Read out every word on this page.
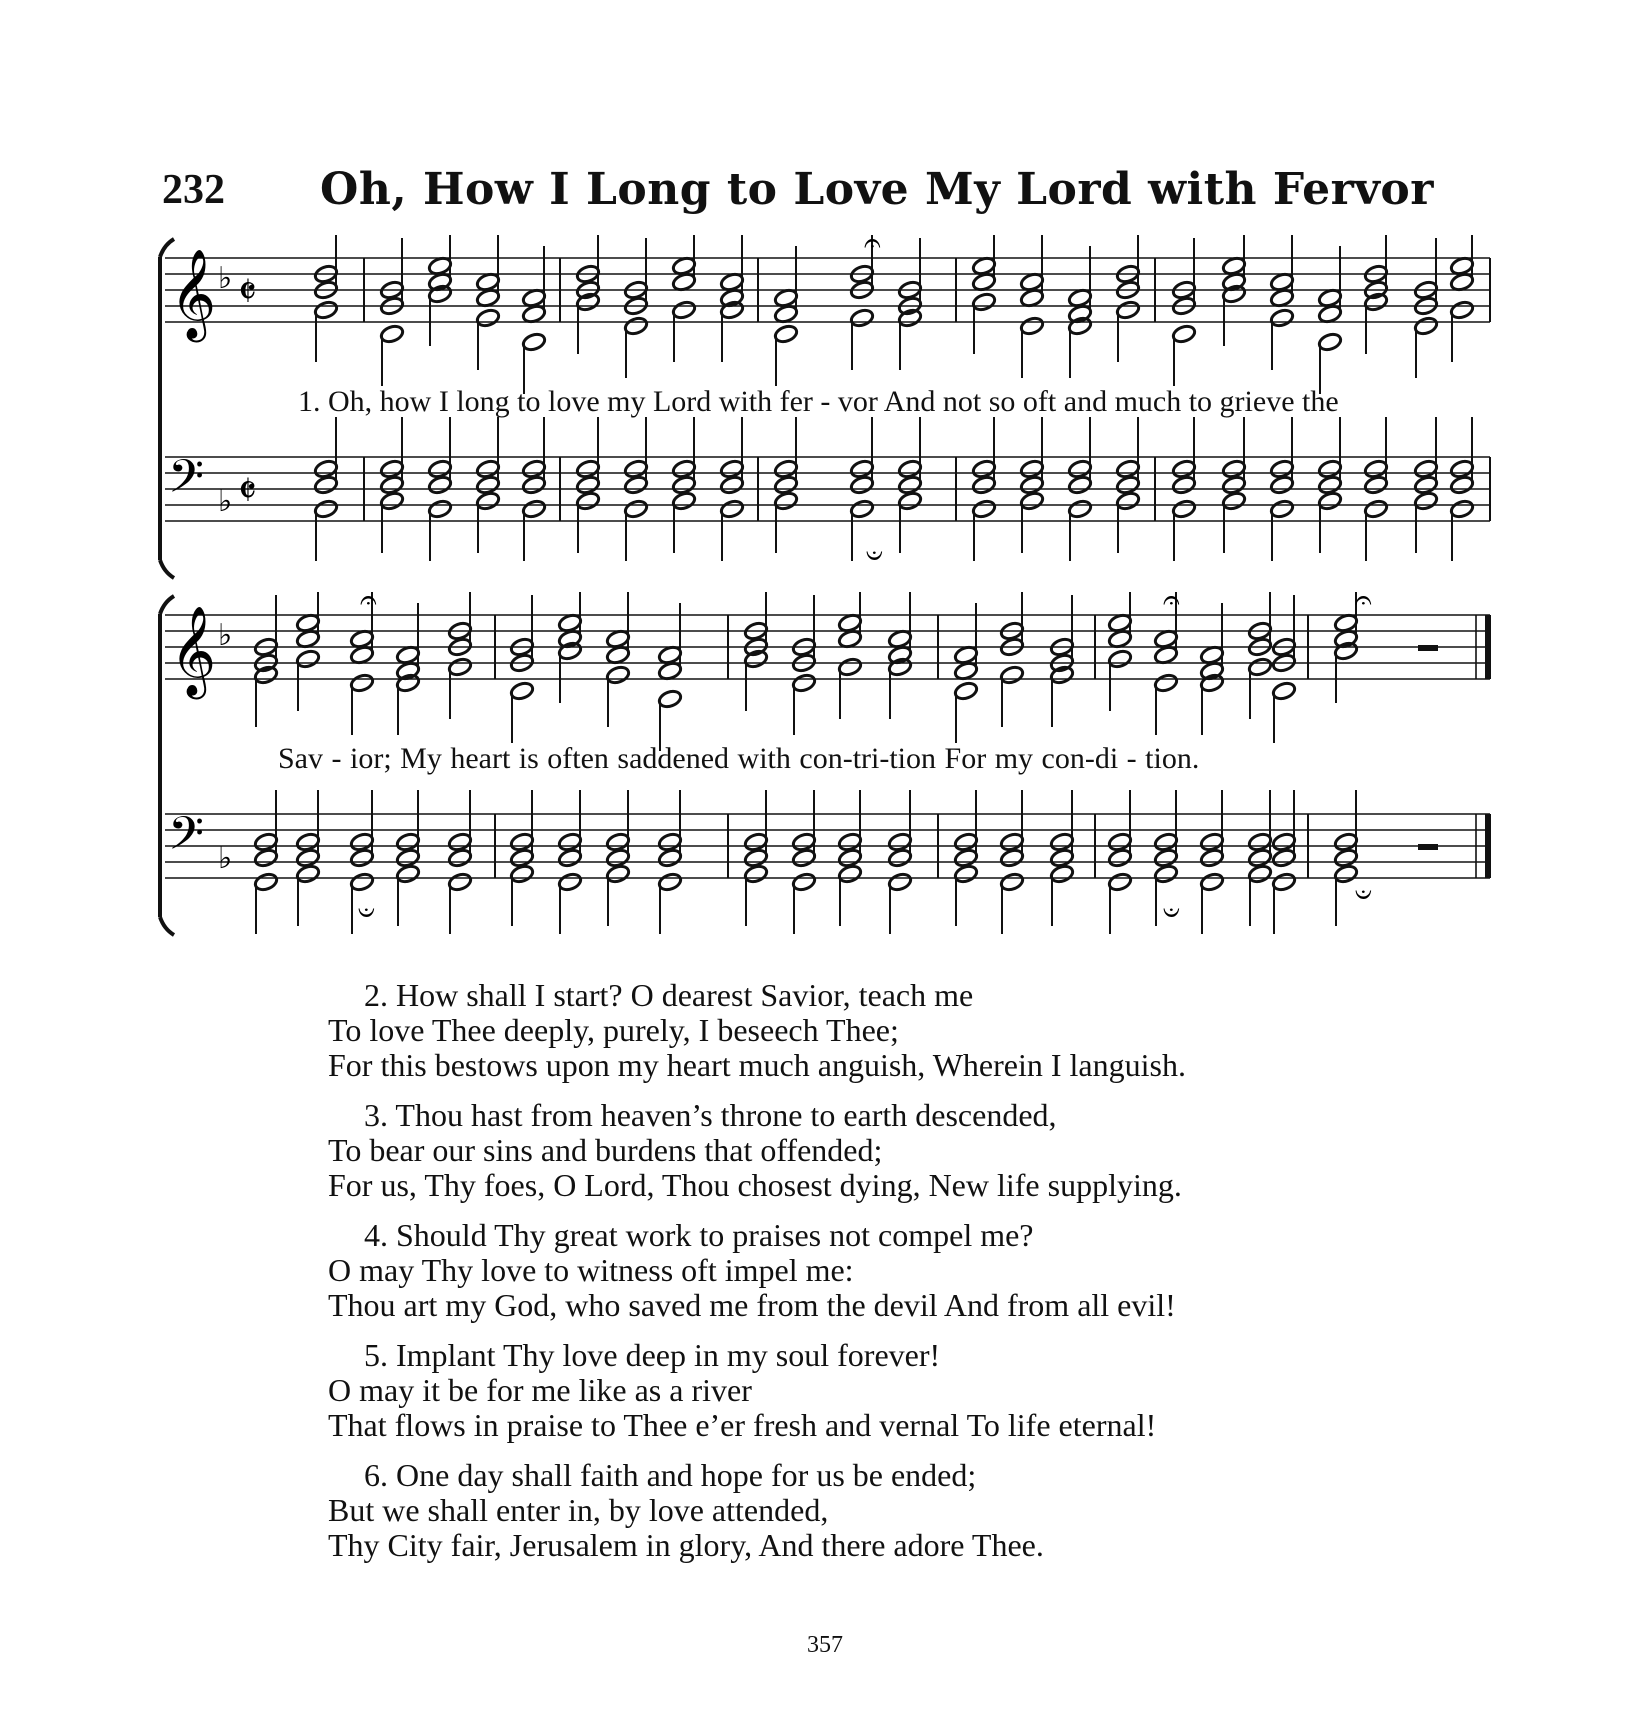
232 Oh, How I Long to Love My Lord with Fervor
𝄞 ♭ 𝄵
𝄢 ♭ 𝄵
𝄐
𝄑
1. Oh, how I long to love my Lord with fer - vor And not so oft and much to grieve the
𝄞 ♭
𝄢 ♭
𝄐	𝄐	𝄐
𝄑	𝄑
𝄑
Sav - ior; My heart is often saddened with con-tri-tion For my con-di - tion.
2. How shall I start? O dearest Savior, teach me
To love Thee deeply, purely, I beseech Thee;
For this bestows upon my heart much anguish, Wherein I languish.
3. Thou hast from heaven’s throne to earth descended,
To bear our sins and burdens that offended;
For us, Thy foes, O Lord, Thou chosest dying, New life supplying.
4. Should Thy great work to praises not compel me?
O may Thy love to witness oft impel me:
Thou art my God, who saved me from the devil And from all evil!
5. Implant Thy love deep in my soul forever!
O may it be for me like as a river
That flows in praise to Thee e’er fresh and vernal To life eternal!
6. One day shall faith and hope for us be ended;
But we shall enter in, by love attended,
Thy City fair, Jerusalem in glory, And there adore Thee.
357
